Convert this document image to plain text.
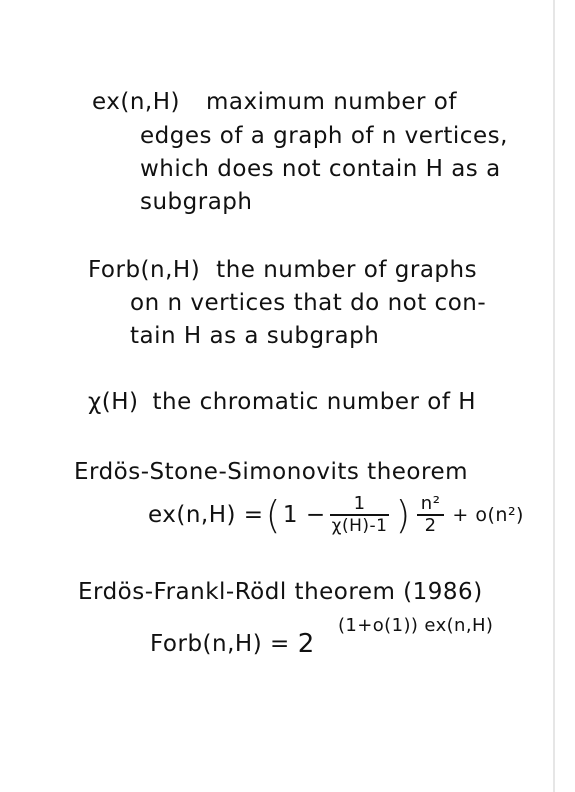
ex(n,H) maximum number of
edges of a graph of n vertices,
which does not contain H as a
subgraph
Forb(n,H) the number of graphs
on n vertices that do not con-
tain H as a subgraph
χ(H) the chromatic number of H
Erdös-Stone-Simonovits theorem
ex(n,H) = ( $1 - \frac{1}{\chi(H)-1}$ ) $\frac{\text{n²}}{2} + o(n^2)$
Erdös-Frankl-Rödl theorem (1986)
Forb(n,H) = 2
(1+o(1)) ex(n,H)
